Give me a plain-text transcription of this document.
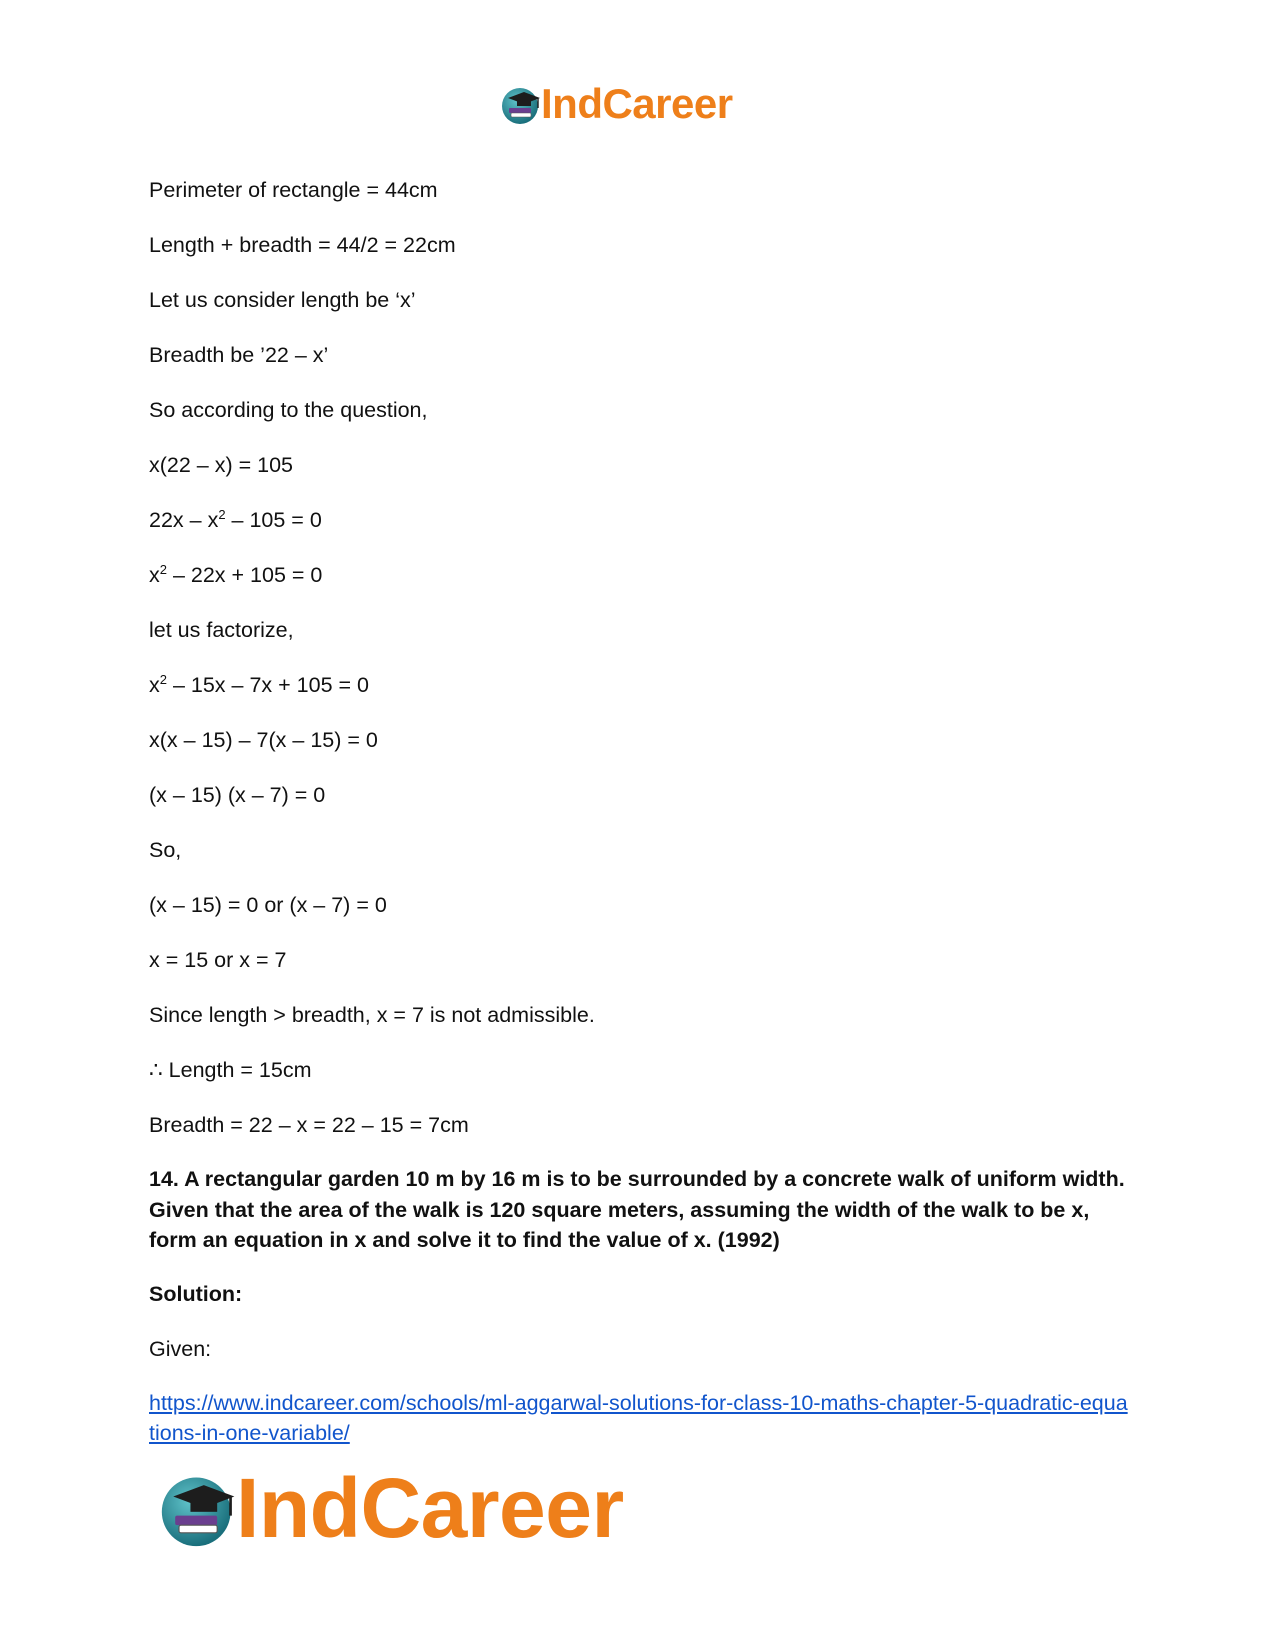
IndCareer
Perimeter of rectangle = 44cm
Length + breadth = 44/2 = 22cm
Let us consider length be ‘x’
Breadth be ’22 – x’
So according to the question,
x(22 – x) = 105
$22x - x^2 - 105 = 0$
$x^2 - 22x + 105 = 0$
let us factorize,
$x^2 - 15x - 7x + 105 = 0$
x(x – 15) – 7(x – 15) = 0
(x – 15) (x – 7) = 0
So,
(x – 15) = 0 or (x – 7) = 0
x = 15 or x = 7
Since length > breadth, x = 7 is not admissible.
∴ Length = 15cm
Breadth = 22 – x = 22 – 15 = 7cm
14. A rectangular garden 10 m by 16 m is to be surrounded by a concrete walk of uniform width. Given that the area of the walk is 120 square meters, assuming the width of the walk to be x, form an equation in x and solve it to find the value of x. (1992)
Solution:
Given:
https://www.indcareer.com/schools/ml-aggarwal-solutions-for-class-10-maths-chapter-5-quadratic-equations-in-one-variable/
IndCareer
